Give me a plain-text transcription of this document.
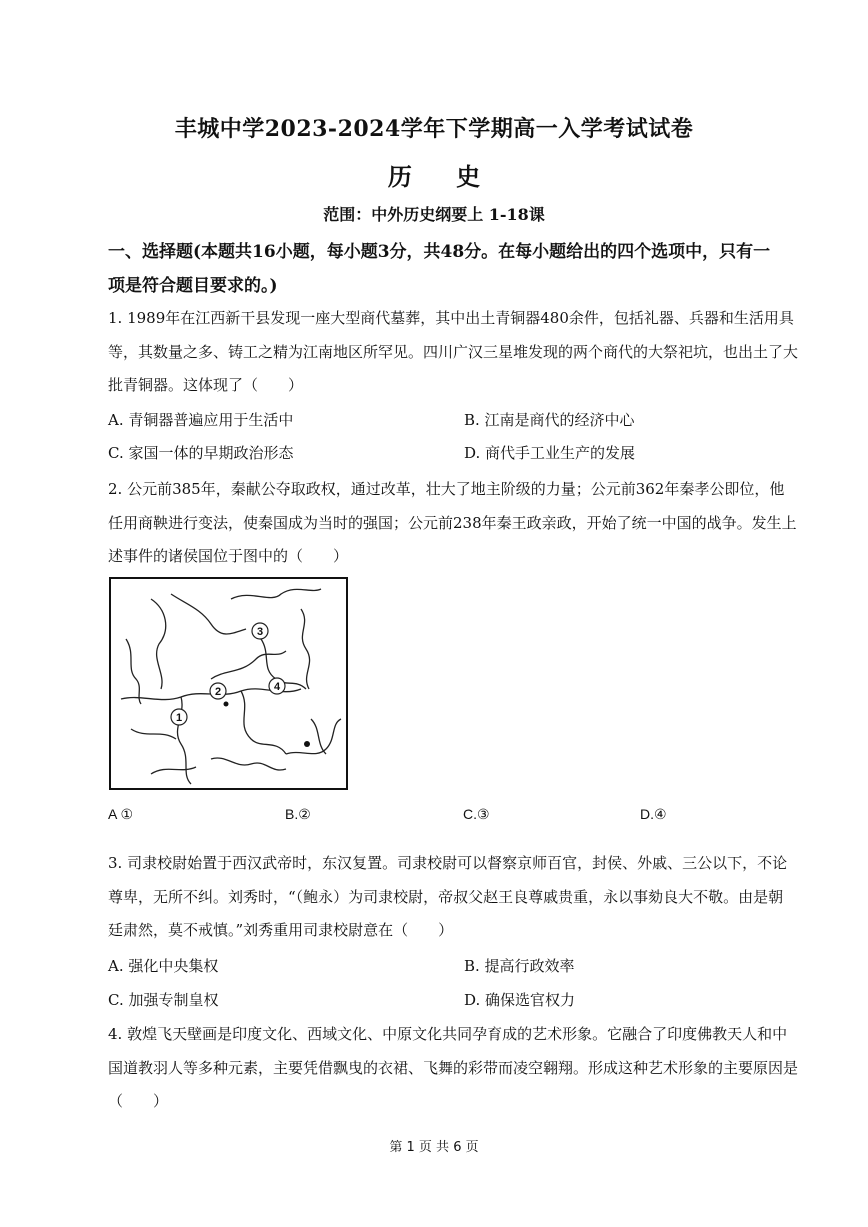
丰城中学2023-2024学年下学期高一入学考试试卷
历 史
范围：中外历史纲要上 1-18课
一、选择题(本题共16小题，每小题3分，共48分。在每小题给出的四个选项中，只有一
项是符合题目要求的。)
1. 1989年在江西新干县发现一座大型商代墓葬，其中出土青铜器480余件，包括礼器、兵器和生活用具
等，其数量之多、铸工之精为江南地区所罕见。四川广汉三星堆发现的两个商代的大祭祀坑，也出土了大
批青铜器。这体现了（　　）
A. 青铜器普遍应用于生活中	B. 江南是商代的经济中心
C. 家国一体的早期政治形态	D. 商代手工业生产的发展
2. 公元前385年，秦献公夺取政权，通过改革，壮大了地主阶级的力量；公元前362年秦孝公即位，他
任用商鞅进行变法，使秦国成为当时的强国；公元前238年秦王政亲政，开始了统一中国的战争。发生上
述事件的诸侯国位于图中的（　　）
1
2
3
4
A ①	B.②	C.③	D.④
3. 司隶校尉始置于西汉武帝时，东汉复置。司隶校尉可以督察京师百官，封侯、外戚、三公以下，不论
尊卑，无所不纠。刘秀时，“（鲍永）为司隶校尉，帝叔父赵王良尊戚贵重，永以事劾良大不敬。由是朝
廷肃然，莫不戒慎。”刘秀重用司隶校尉意在（　　）
A. 强化中央集权	B. 提高行政效率
C. 加强专制皇权	D. 确保选官权力
4. 敦煌飞天壁画是印度文化、西域文化、中原文化共同孕育成的艺术形象。它融合了印度佛教天人和中
国道教羽人等多种元素，主要凭借飘曳的衣裙、飞舞的彩带而凌空翱翔。形成这种艺术形象的主要原因是
（　　）
第 1 页 共 6 页
